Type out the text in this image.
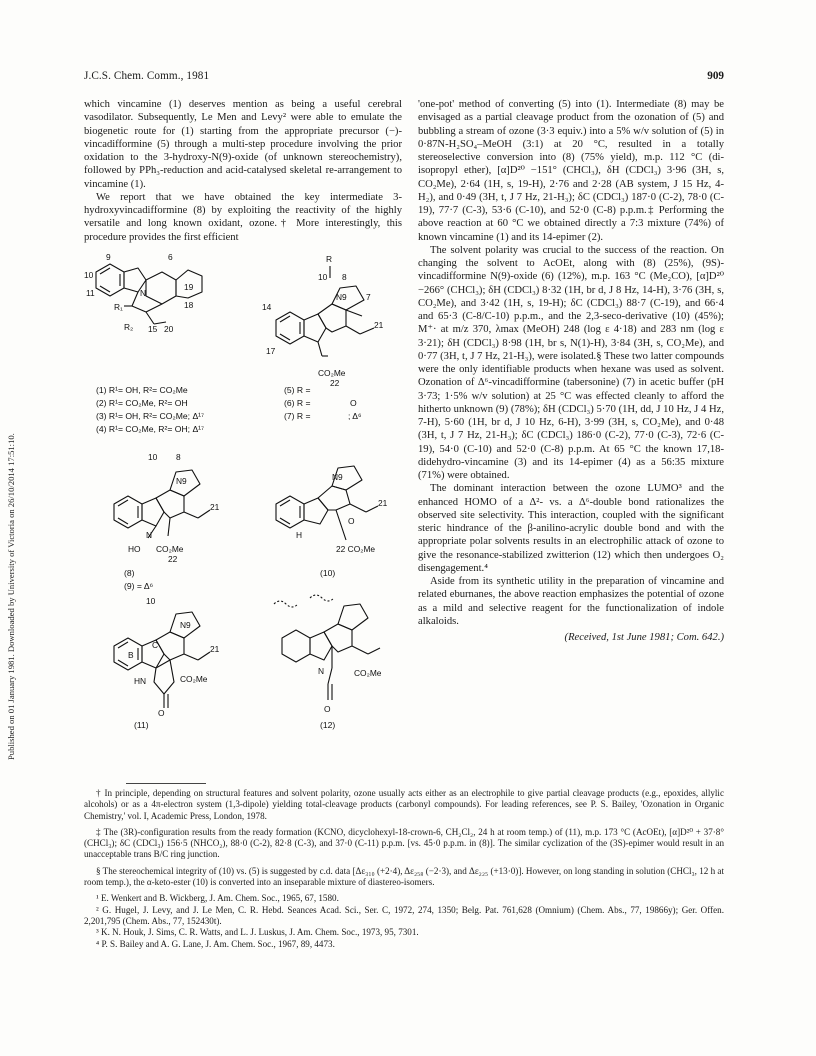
Published on 01 January 1981. Downloaded by University of Victoria on 26/10/2014 17:51:10.
J.C.S. Chem. Comm., 1981	909

which vincamine (1) deserves mention as being a useful cerebral vasodilator. Subsequently, Le Men and Levy² were able to emulate the biogenetic route for (1) starting from the appropriate precursor (−)-vincadifformine (5) through a multi-step procedure involving the prior oxidation to the 3-hydroxy-N(9)-oxide (of unknown stereochemistry), followed by PPh₃-reduction and acid-catalysed skeletal re-arrangement to vincamine (1).

We report that we have obtained the key intermediate 3-hydroxyvincadifformine (8) by exploiting the reactivity of the highly versatile and long known oxidant, ozone.† More interestingly, this procedure provides the first efficient

9	6
10
11	N
19
18
R₁
R₂ 15 20
R
10 8
N9 7
21
14
17
CO₂Me
22
(1) R¹= OH, R²= CO₂Me
(2) R¹= CO₂Me, R²= OH
(3) R¹= OH, R²= CO₂Me; Δ¹⁷
(4) R¹= CO₂Me, R²= OH; Δ¹⁷
(5) R =
(6) R =
(7) R =	; Δ⁶
O
10 8
N9
21
N
HO CO₂Me
22
(8)
(9) = Δ⁶
N9
21
H
O
22 CO₂Me
(10)
10
N9
21
B
C
HN	CO₂Me
O
(11)
N	CO₂Me
O
(12)

'one-pot' method of converting (5) into (1). Intermediate (8) may be envisaged as a partial cleavage product from the ozonation of (5) and bubbling a stream of ozone (3·3 equiv.) into a 5% w/v solution of (5) in 0·87N-H₂SO₄–MeOH (3:1) at 20 °C, resulted in a totally stereoselective conversion into (8) (75% yield), m.p. 112 °C (di-isopropyl ether), [α]D²⁰ −151° (CHCl₃), δH (CDCl₃) 3·96 (3H, s, CO₂Me), 2·64 (1H, s, 19-H), 2·76 and 2·28 (AB system, J 15 Hz, 4-H₂), and 0·49 (3H, t, J 7 Hz, 21-H₃); δC (CDCl₃) 187·0 (C-2), 78·0 (C-19), 77·7 (C-3), 53·6 (C-10), and 52·0 (C-8) p.p.m.‡ Performing the above reaction at 60 °C we obtained directly a 7:3 mixture (74%) of known vincamine (1) and its 14-epimer (2).

The solvent polarity was crucial to the success of the reaction. On changing the solvent to AcOEt, along with (8) (25%), (9S)-vincadifformine N(9)-oxide (6) (12%), m.p. 163 °C (Me₂CO), [α]D²⁰ −266° (CHCl₃); δH (CDCl₃) 8·32 (1H, br d, J 8 Hz, 14-H), 3·76 (3H, s, CO₂Me), and 3·42 (1H, s, 19-H); δC (CDCl₃) 88·7 (C-19), and 66·4 and 65·3 (C-8/C-10) p.p.m., and the 2,3-seco-derivative (10) (45%); M⁺· at m/z 370, λmax (MeOH) 248 (log ε 4·18) and 283 nm (log ε 3·21); δH (CDCl₃) 8·98 (1H, br s, N(1)-H), 3·84 (3H, s, CO₂Me), and 0·77 (3H, t, J 7 Hz, 21-H₃), were isolated.§ These two latter compounds were the only identifiable products when hexane was used as solvent. Ozonation of Δ⁶-vincadifformine (tabersonine) (7) in acetic buffer (pH 3·73; 1·5% w/v solution) at 25 °C was effected cleanly to afford the hitherto unknown (9) (78%); δH (CDCl₃) 5·70 (1H, dd, J 10 Hz, J 4 Hz, 7-H), 5·60 (1H, br d, J 10 Hz, 6-H), 3·99 (3H, s, CO₂Me), and 0·48 (3H, t, J 7 Hz, 21-H₃); δC (CDCl₃) 186·0 (C-2), 77·0 (C-3), 72·6 (C-19), 54·0 (C-10) and 52·0 (C-8) p.p.m. At 65 °C the known 17,18-didehydro-vincamine (3) and its 14-epimer (4) as a 56:35 mixture (71%) were obtained.

The dominant interaction between the ozone LUMO³ and the enhanced HOMO of a Δ²- vs. a Δ⁶-double bond rationalizes the observed site selectivity. This interaction, coupled with the significant steric hindrance of the β-anilino-acrylic double bond and with the appropriate polar solvents results in an electrophilic attack of ozone to give the resonance-stabilized zwitterion (12) which then undergoes O₂ disengagement.⁴

Aside from its synthetic utility in the preparation of vincamine and related eburnanes, the above reaction emphasizes the potential of ozone as a mild and selective reagent for the functionalization of indole alkaloids.

(Received, 1st June 1981; Com. 642.)

† In principle, depending on structural features and solvent polarity, ozone usually acts either as an electrophile to give partial cleavage products (e.g., epoxides, allylic alcohols) or as a 4π-electron system (1,3-dipole) yielding total-cleavage products (carbonyl compounds). For leading references, see P. S. Bailey, 'Ozonation in Organic Chemistry,' vol. I, Academic Press, London, 1978.

‡ The (3R)-configuration results from the ready formation (KCNO, dicyclohexyl-18-crown-6, CH₂Cl₂, 24 h at room temp.) of (11), m.p. 173 °C (AcOEt), [α]D²⁰ + 37·8° (CHCl₃); δC (CDCl₃) 156·5 (NHCO₂), 88·0 (C-2), 82·8 (C-3), and 37·0 (C-11) p.p.m. [vs. 45·0 p.p.m. in (8)]. The similar cyclization of the (3S)-epimer would result in an unacceptable trans B/C ring junction.

§ The stereochemical integrity of (10) vs. (5) is suggested by c.d. data [Δε₃₁₀ (+2·4), Δε₂₅₈ (−2·3), and Δε₂₂₅ (+13·0)]. However, on long standing in solution (CHCl₃, 12 h at room temp.), the α-keto-ester (10) is converted into an inseparable mixture of diastereo-isomers.

¹ E. Wenkert and B. Wickberg, J. Am. Chem. Soc., 1965, 67, 1580.

² G. Hugel, J. Levy, and J. Le Men, C. R. Hebd. Seances Acad. Sci., Ser. C, 1972, 274, 1350; Belg. Pat. 761,628 (Omnium) (Chem. Abs., 77, 19866y); Ger. Offen. 2,201,795 (Chem. Abs., 77, 152430t).

³ K. N. Houk, J. Sims, C. R. Watts, and L. J. Luskus, J. Am. Chem. Soc., 1973, 95, 7301.

⁴ P. S. Bailey and A. G. Lane, J. Am. Chem. Soc., 1967, 89, 4473.
